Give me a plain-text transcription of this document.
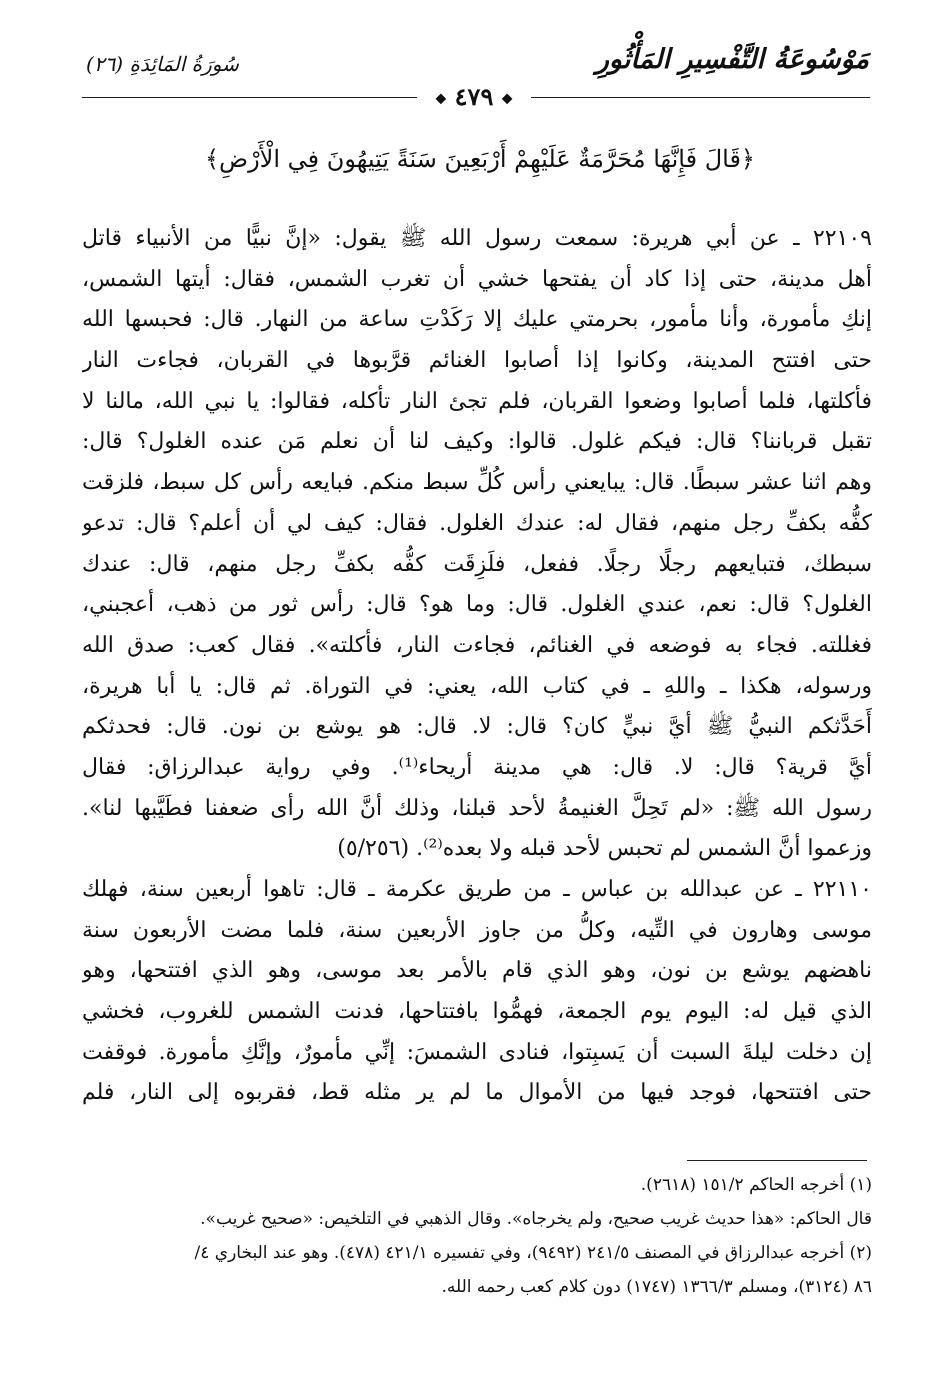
مَوْسُوعَةُ التَّفْسِيرِ المَأْثُورِ
سُورَةُ المَائِدَةِ (٢٦)
◆ ٤٧٩ ◆
﴿قَالَ فَإِنَّهَا مُحَرَّمَةٌ عَلَيْهِمْ أَرْبَعِينَ سَنَةً يَتِيهُونَ فِي الْأَرْضِ﴾
٢٢١٠٩ ـ عن أبي هريرة: سمعت رسول الله ﷺ يقول: «إنَّ نبيًّا من الأنبياء قاتل
أهل مدينة، حتى إذا كاد أن يفتحها خشي أن تغرب الشمس، فقال: أيتها الشمس،
إنكِ مأمورة، وأنا مأمور، بحرمتي عليك إلا رَكَدْتِ ساعة من النهار. قال: فحبسها الله
حتى افتتح المدينة، وكانوا إذا أصابوا الغنائم قرَّبوها في القربان، فجاءت النار
فأكلتها، فلما أصابوا وضعوا القربان، فلم تجئ النار تأكله، فقالوا: يا نبي الله، مالنا لا
تقبل قرباننا؟ قال: فيكم غلول. قالوا: وكيف لنا أن نعلم مَن عنده الغلول؟ قال:
وهم اثنا عشر سبطًا. قال: يبايعني رأس كُلِّ سبط منكم. فبايعه رأس كل سبط، فلزقت
كفُّه بكفِّ رجل منهم، فقال له: عندك الغلول. فقال: كيف لي أن أعلم؟ قال: تدعو
سبطك، فتبايعهم رجلًا رجلًا. ففعل، فلَزِقَت كفُّه بكفِّ رجل منهم، قال: عندك
الغلول؟ قال: نعم، عندي الغلول. قال: وما هو؟ قال: رأس ثور من ذهب، أعجبني،
فغللته. فجاء به فوضعه في الغنائم، فجاءت النار، فأكلته». فقال كعب: صدق الله
ورسوله، هكذا ـ واللهِ ـ في كتاب الله، يعني: في التوراة. ثم قال: يا أبا هريرة،
أَحَدَّثكم النبيُّ ﷺ أيَّ نبيٍّ كان؟ قال: لا. قال: هو يوشع بن نون. قال: فحدثكم
أيَّ قرية؟ قال: لا. قال: هي مدينة أريحاء⁽¹⁾. وفي رواية عبدالرزاق: فقال
رسول الله ﷺ: «لم تَحِلَّ الغنيمةُ لأحد قبلنا، وذلك أنَّ الله رأى ضعفنا فطَيَّبها لنا».
وزعموا أنَّ الشمس لم تحبس لأحد قبله ولا بعده⁽²⁾. (٥/٢٥٦)
٢٢١١٠ ـ عن عبدالله بن عباس ـ من طريق عكرمة ـ قال: تاهوا أربعين سنة، فهلك
موسى وهارون في التِّيه، وكلُّ من جاوز الأربعين سنة، فلما مضت الأربعون سنة
ناهضهم يوشع بن نون، وهو الذي قام بالأمر بعد موسى، وهو الذي افتتحها، وهو
الذي قيل له: اليوم يوم الجمعة، فهمُّوا بافتتاحها، فدنت الشمس للغروب، فخشي
إن دخلت ليلةَ السبت أن يَسبِتوا، فنادى الشمسَ: إنِّي مأمورٌ، وإنَّكِ مأمورة. فوقفت
حتى افتتحها، فوجد فيها من الأموال ما لم ير مثله قط، فقربوه إلى النار، فلم
(١) أخرجه الحاكم ١٥١/٢ (٢٦١٨).
قال الحاكم: «هذا حديث غريب صحيح، ولم يخرجاه». وقال الذهبي في التلخيص: «صحيح غريب».
(٢) أخرجه عبدالرزاق في المصنف ٢٤١/٥ (٩٤٩٢)، وفي تفسيره ٤٢١/١ (٤٧٨). وهو عند البخاري ٤/
٨٦ (٣١٢٤)، ومسلم ١٣٦٦/٣ (١٧٤٧) دون كلام كعب رحمه الله.
